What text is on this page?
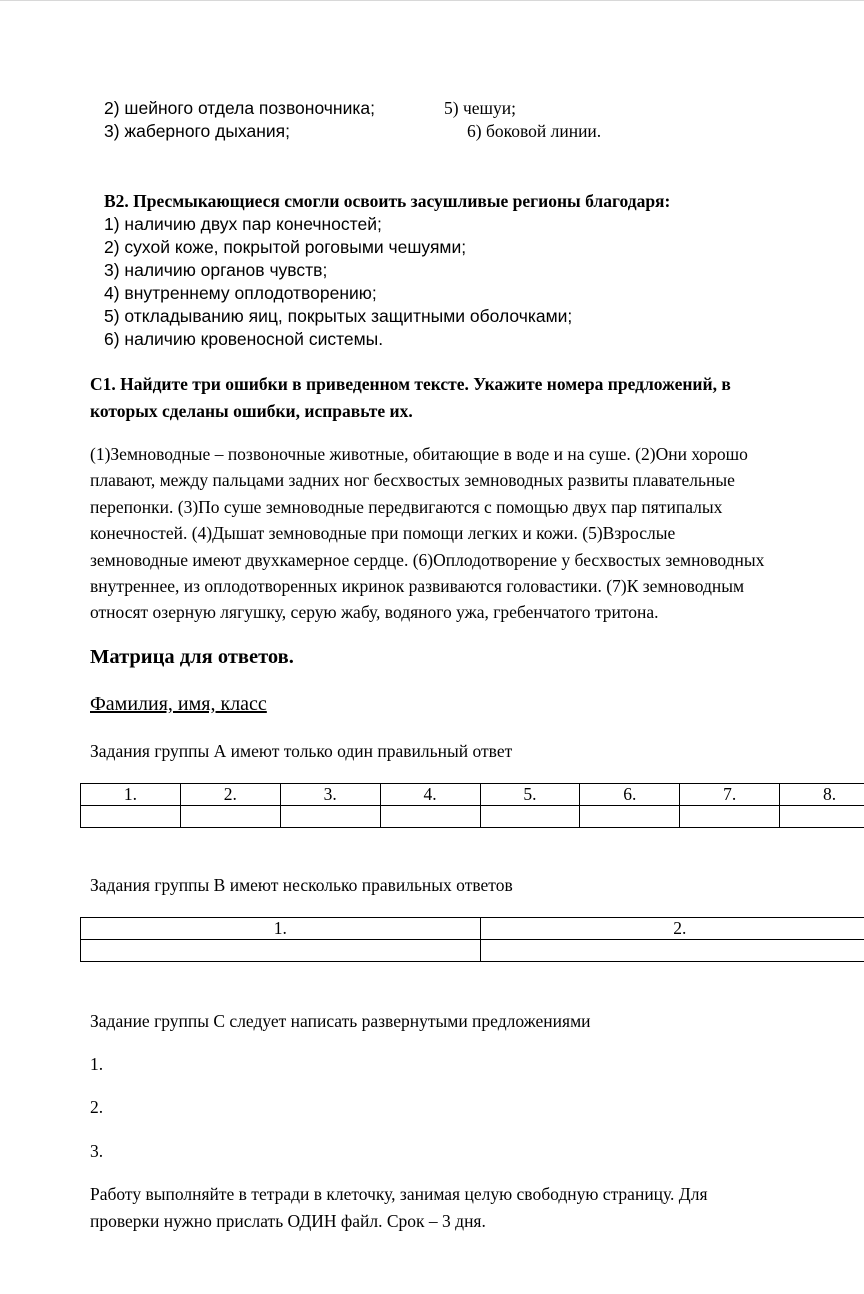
2) шейного отдела позвоночника;	5) чешуи;
3) жаберного дыхания;	6) боковой линии.
B2. Пресмыкающиеся смогли освоить засушливые регионы благодаря:
1) наличию двух пар конечностей;
2) сухой коже, покрытой роговыми чешуями;
3) наличию органов чувств;
4) внутреннему оплодотворению;
5) откладыванию яиц, покрытых защитными оболочками;
6) наличию кровеносной системы.
С1. Найдите три ошибки в приведенном тексте. Укажите номера предложений, в
которых сделаны ошибки, исправьте их.
(1)Земноводные – позвоночные животные, обитающие в воде и на суше. (2)Они хорошо
плавают, между пальцами задних ног бесхвостых земноводных развиты плавательные
перепонки. (3)По суше земноводные передвигаются с помощью двух пар пятипалых
конечностей. (4)Дышат земноводные при помощи легких и кожи. (5)Взрослые
земноводные имеют двухкамерное сердце. (6)Оплодотворение у бесхвостых земноводных
внутреннее, из оплодотворенных икринок развиваются головастики. (7)К земноводным
относят озерную лягушку, серую жабу, водяного ужа, гребенчатого тритона.
Матрица для ответов.
Фамилия, имя, класс
Задания группы А имеют только один правильный ответ
1.	2.	3.	4.	5.	6.	7.	8.

Задания группы В имеют несколько правильных ответов
1.	2.

Задание группы С следует написать развернутыми предложениями
1.
2.
3.
Работу выполняйте в тетради в клеточку, занимая целую свободную страницу. Для
проверки нужно прислать ОДИН файл. Срок – 3 дня.
